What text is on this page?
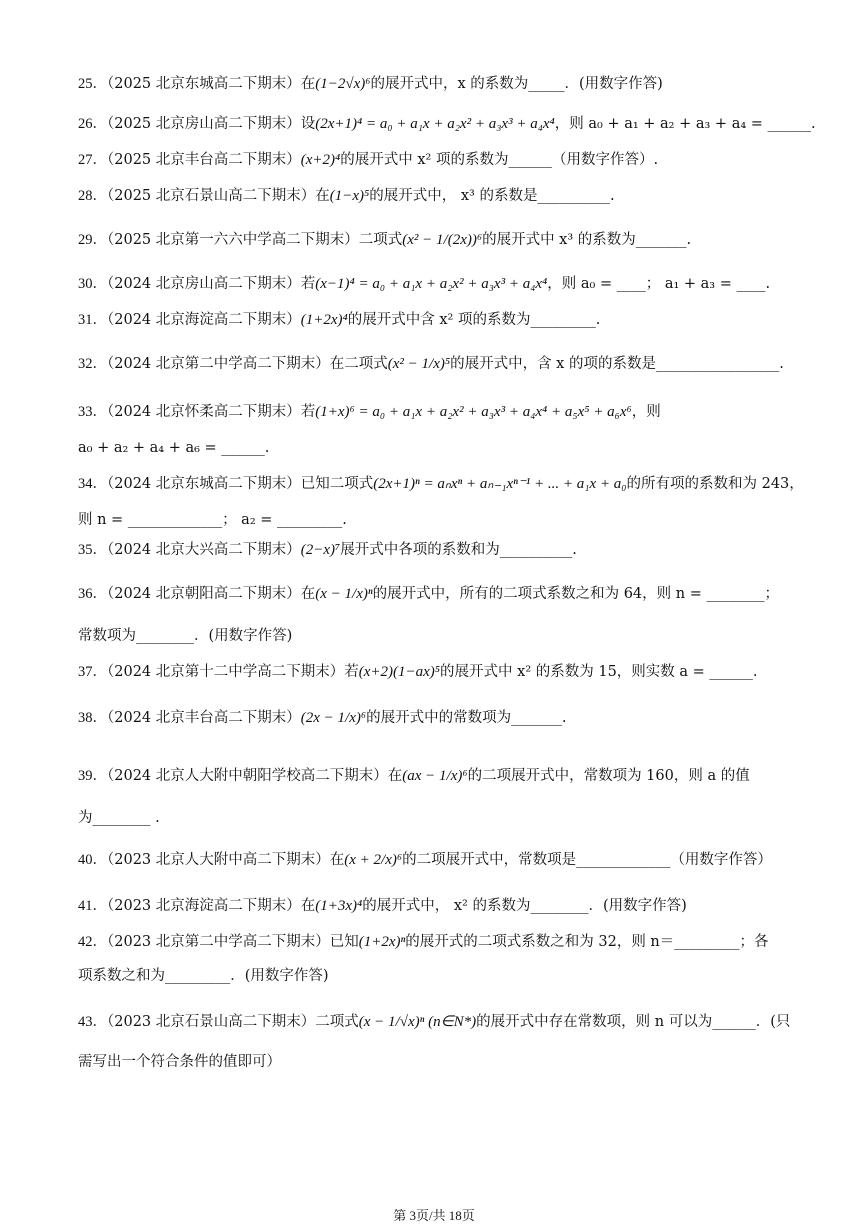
25．（2025 北京东城高二下期末）在(1−2√x)⁶的展开式中，x 的系数为_____．(用数字作答)
26．（2025 北京房山高二下期末）设(2x+1)⁴ = a₀ + a₁x + a₂x² + a₃x³ + a₄x⁴，则 a₀ + a₁ + a₂ + a₃ + a₄ = ______.
27．（2025 北京丰台高二下期末）(x+2)⁴的展开式中 x² 项的系数为______（用数字作答）.
28．（2025 北京石景山高二下期末）在(1−x)⁵的展开式中， x³ 的系数是__________.
29．（2025 北京第一六六中学高二下期末）二项式(x² − 1/(2x))⁶的展开式中 x³ 的系数为_______.
30．（2024 北京房山高二下期末）若(x−1)⁴ = a₀ + a₁x + a₂x² + a₃x³ + a₄x⁴，则 a₀ = ____； a₁ + a₃ = ____.
31．（2024 北京海淀高二下期末）(1+2x)⁴的展开式中含 x² 项的系数为_________.
32．（2024 北京第二中学高二下期末）在二项式(x² − 1/x)⁵的展开式中，含 x 的项的系数是_________________.
33．（2024 北京怀柔高二下期末）若(1+x)⁶ = a₀ + a₁x + a₂x² + a₃x³ + a₄x⁴ + a₅x⁵ + a₆x⁶，则
34．（2024 北京东城高二下期末）已知二项式(2x+1)ⁿ = aₙxⁿ + aₙ₋₁xⁿ⁻¹ + ... + a₁x + a₀的所有项的系数和为 243，
35．（2024 北京大兴高二下期末）(2−x)⁷展开式中各项的系数和为__________.
36．（2024 北京朝阳高二下期末）在(x − 1/x)ⁿ的展开式中，所有的二项式系数之和为 64，则 n = ________；
37．（2024 北京第十二中学高二下期末）若(x+2)(1−ax)⁵的展开式中 x² 的系数为 15，则实数 a = ______.
38．（2024 北京丰台高二下期末）(2x − 1/x)⁶的展开式中的常数项为_______.
39．（2024 北京人大附中朝阳学校高二下期末）在(ax − 1/x)⁶的二项展开式中，常数项为 160，则 a 的值
40．（2023 北京人大附中高二下期末）在(x + 2/x)⁶的二项展开式中，常数项是_____________（用数字作答）
41．（2023 北京海淀高二下期末）在(1+3x)⁴的展开式中， x² 的系数为________．(用数字作答)
42．（2023 北京第二中学高二下期末）已知(1+2x)ⁿ的展开式的二项式系数之和为 32，则 n＝_________；各
43．（2023 北京石景山高二下期末）二项式(x − 1/√x)ⁿ (n∈N*)的展开式中存在常数项，则 n 可以为______．(只
a₀ + a₂ + a₄ + a₆ = ______.
则 n = _____________； a₂ = _________.
常数项为________．(用数字作答)
为________ .
项系数之和为_________．(用数字作答)
需写出一个符合条件的值即可）
第 3页/共 18页
